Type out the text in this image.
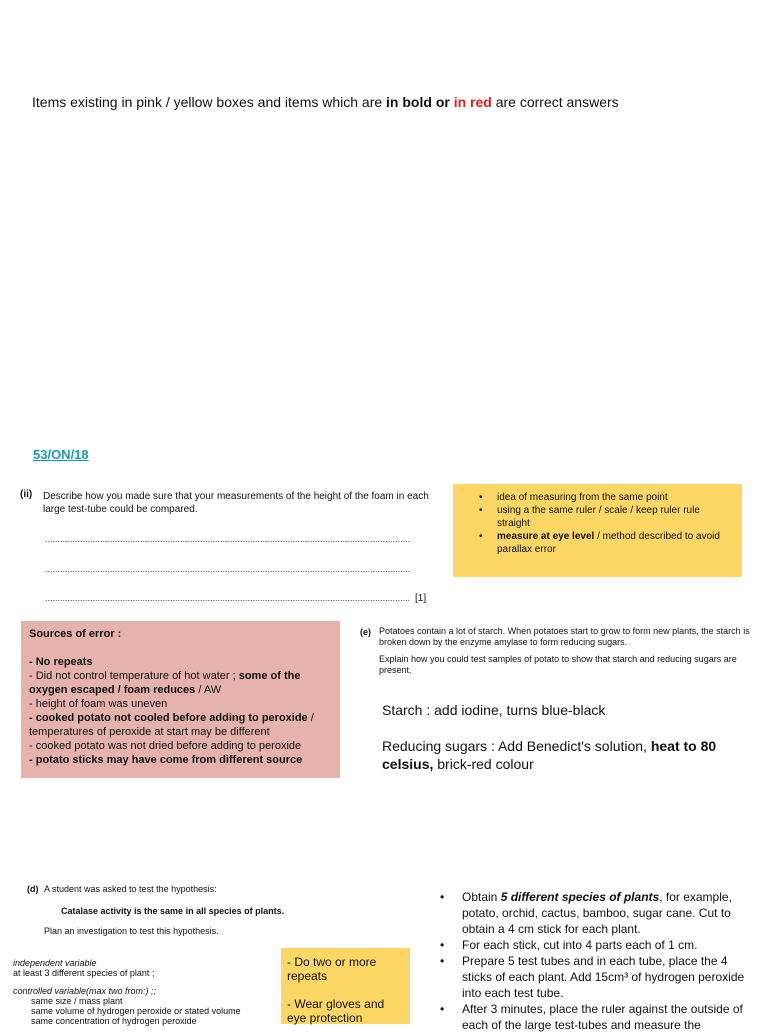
Items existing in pink / yellow boxes and items which are in bold or in red are correct answers
53/ON/18
(ii) Describe how you made sure that your measurements of the height of the foam in each
large test-tube could be compared.
..................................................................................................................................................
..................................................................................................................................................
.................................................................................................................................................. [1]
• idea of measuring from the same point
• using a the same ruler / scale / keep ruler rule straight
• measure at eye level / method described to avoid parallax error
Sources of error :
- No repeats
- Did not control temperature of hot water ; some of the oxygen escaped / foam reduces / AW
- height of foam was uneven
- cooked potato not cooled before adding to peroxide / temperatures of peroxide at start may be different
- cooked potato was not dried before adding to peroxide
- potato sticks may have come from different source
(e) Potatoes contain a lot of starch. When potatoes start to grow to form new plants, the starch is broken down by the enzyme amylase to form reducing sugars.
Explain how you could test samples of potato to show that starch and reducing sugars are present.
Starch : add iodine, turns blue-black
Reducing sugars : Add Benedict's solution, heat to 80 celsius, brick-red colour
(d) A student was asked to test the hypothesis:
Catalase activity is the same in all species of plants.
Plan an investigation to test this hypothesis.
independent variable
at least 3 different species of plant ;
controlled variable(max two from:) ;;
same size / mass plant
same volume of hydrogen peroxide or stated volume
same concentration of hydrogen peroxide
- Do two or more repeats
- Wear gloves and eye protection
• Obtain 5 different species of plants, for example, potato, orchid, cactus, bamboo, sugar cane. Cut to obtain a 4 cm stick for each plant.
• For each stick, cut into 4 parts each of 1 cm.
• Prepare 5 test tubes and in each tube, place the 4 sticks of each plant. Add 15cm³ of hydrogen peroxide into each test tube.
• After 3 minutes, place the ruler against the outside of each of the large test-tubes and measure the
